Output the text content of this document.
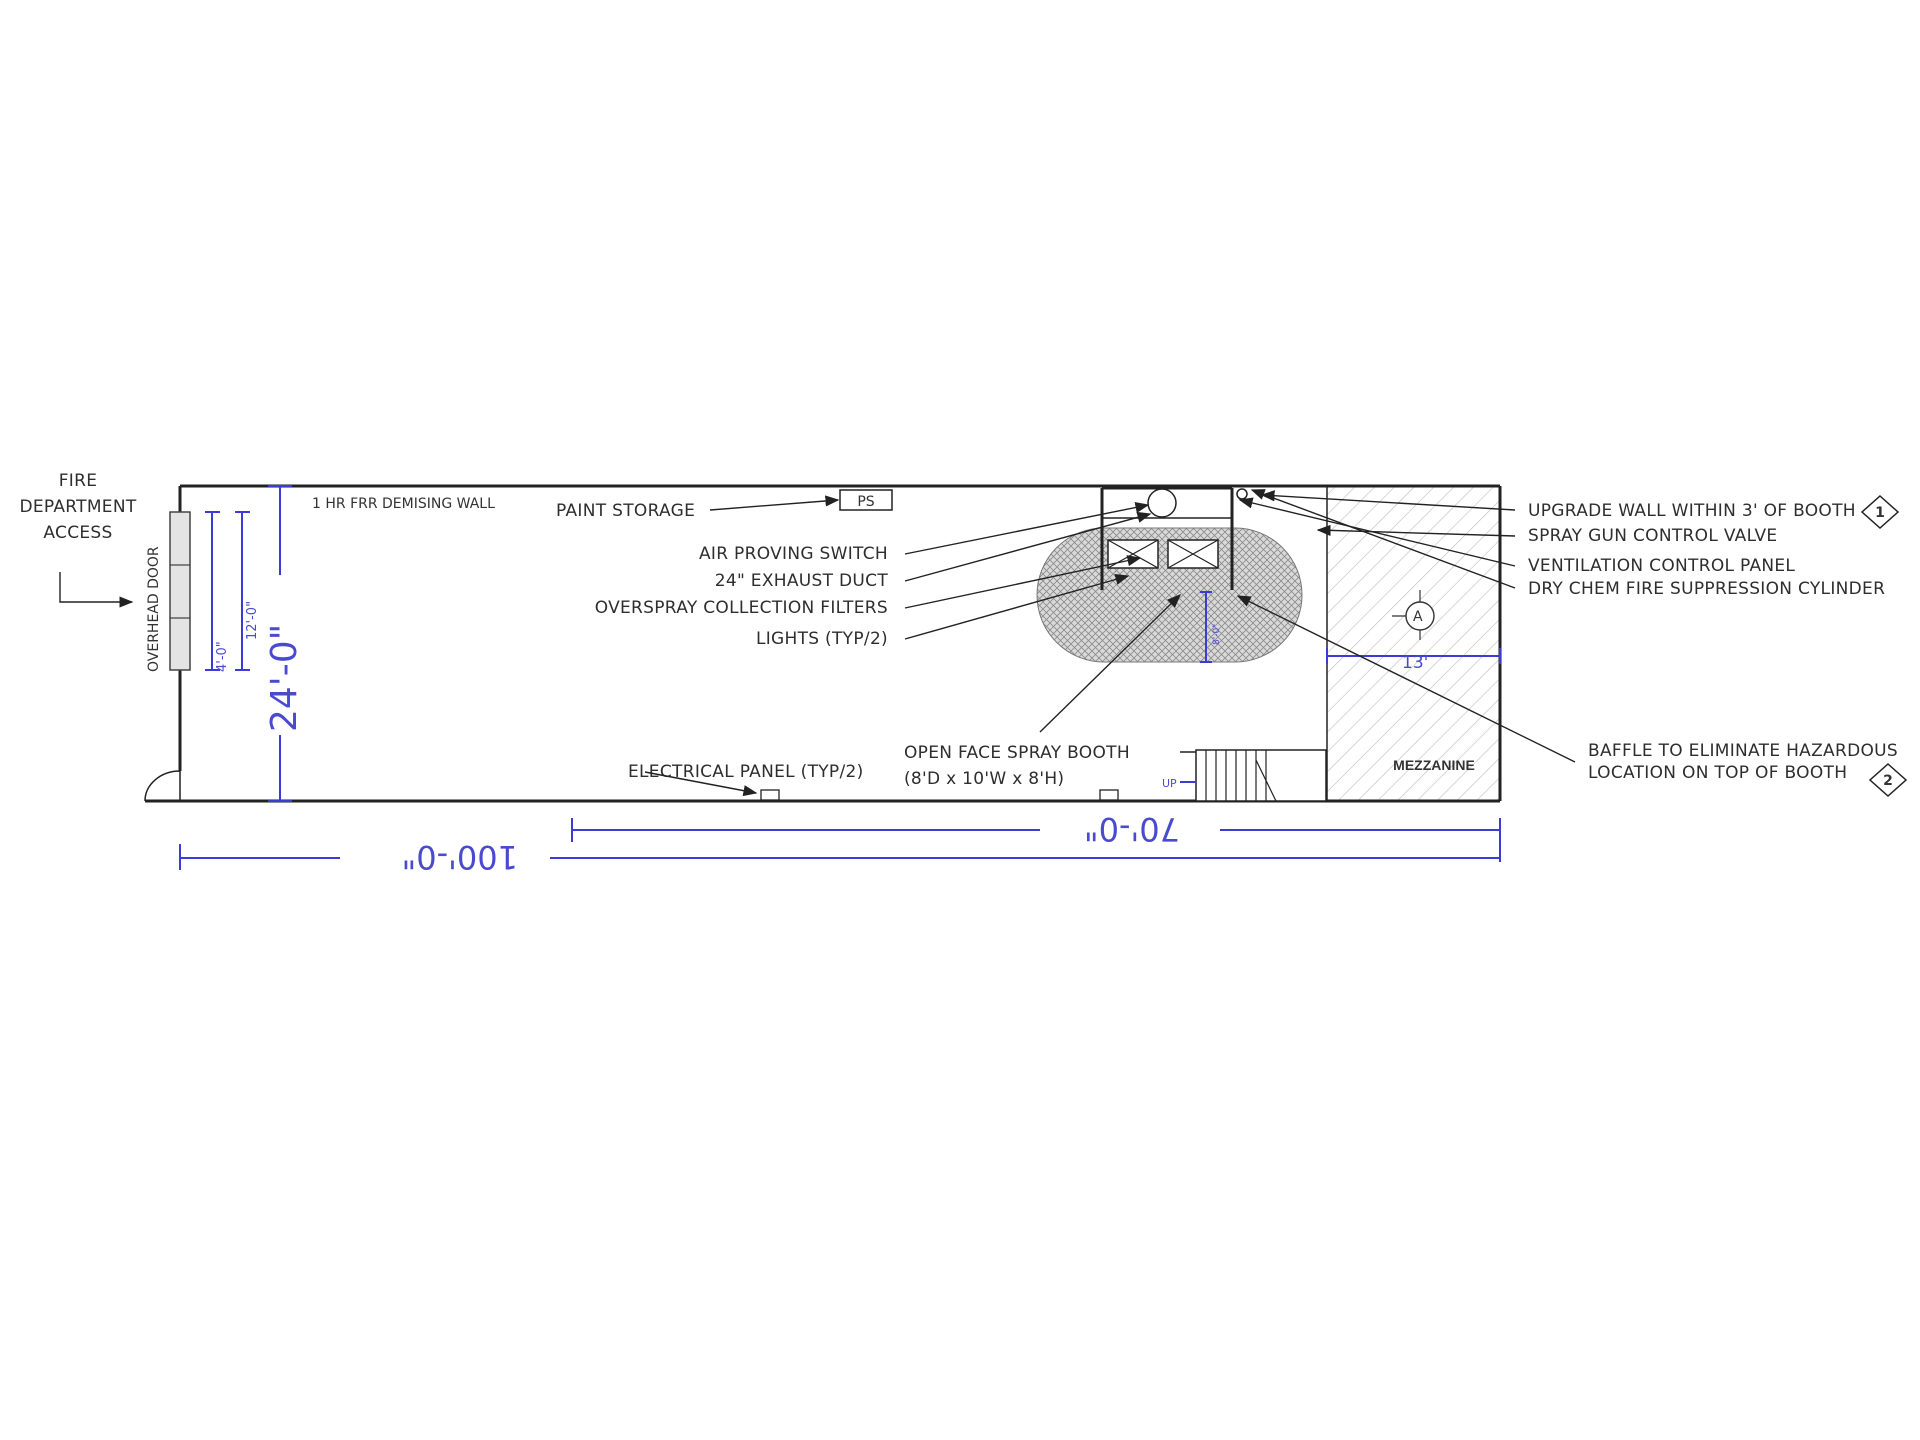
OVERHEAD DOOR
FIRE
DEPARTMENT
ACCESS
4'-0"
12'-0"
24'-0"
1 HR FRR DEMISING WALL	PAINT STORAGE	PS
8'-0"
AIR PROVING SWITCH
24" EXHAUST DUCT
OVERSPRAY COLLECTION FILTERS
LIGHTS (TYP/2)
ELECTRICAL PANEL (TYP/2)
OPEN FACE SPRAY BOOTH
(8'D x 10'W x 8'H)	UP
MEZZANINE
A
13'
UPGRADE WALL WITHIN 3' OF BOOTH 1
SPRAY GUN CONTROL VALVE
VENTILATION CONTROL PANEL
DRY CHEM FIRE SUPPRESSION CYLINDER
BAFFLE TO ELIMINATE HAZARDOUS
LOCATION ON TOP OF BOOTH	2
70'-0"
100'-0"
